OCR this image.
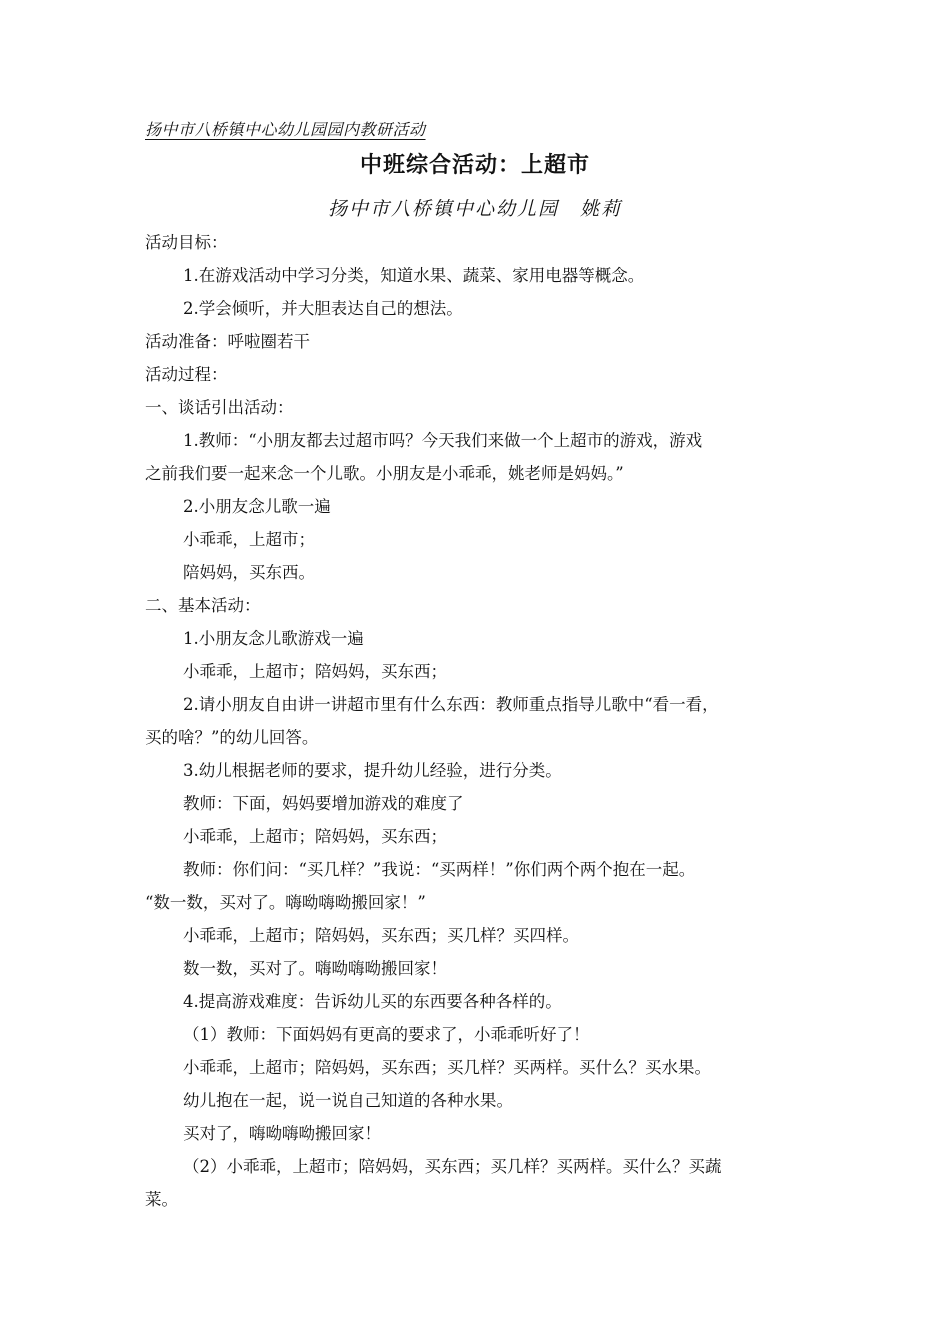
扬中市八桥镇中心幼儿园园内教研活动
中班综合活动：上超市
扬中市八桥镇中心幼儿园　姚莉

活动目标：

1.在游戏活动中学习分类，知道水果、蔬菜、家用电器等概念。

2.学会倾听，并大胆表达自己的想法。

活动准备：呼啦圈若干

活动过程：

一、谈话引出活动：

1.教师：“小朋友都去过超市吗？今天我们来做一个上超市的游戏，游戏

之前我们要一起来念一个儿歌。小朋友是小乖乖，姚老师是妈妈。”

2.小朋友念儿歌一遍

小乖乖，上超市；

陪妈妈，买东西。

二、基本活动：

1.小朋友念儿歌游戏一遍

小乖乖，上超市；陪妈妈，买东西；

2.请小朋友自由讲一讲超市里有什么东西：教师重点指导儿歌中“看一看，

买的啥？”的幼儿回答。

3.幼儿根据老师的要求，提升幼儿经验，进行分类。

教师：下面，妈妈要增加游戏的难度了

小乖乖，上超市；陪妈妈，买东西；

教师：你们问：“买几样？”我说：“买两样！”你们两个两个抱在一起。

“数一数，买对了。嗨呦嗨呦搬回家！”

小乖乖，上超市；陪妈妈，买东西；买几样？买四样。

数一数，买对了。嗨呦嗨呦搬回家！

4.提高游戏难度：告诉幼儿买的东西要各种各样的。

（1）教师：下面妈妈有更高的要求了，小乖乖听好了！

小乖乖，上超市；陪妈妈，买东西；买几样？买两样。买什么？买水果。

幼儿抱在一起，说一说自己知道的各种水果。

买对了，嗨呦嗨呦搬回家！

（2）小乖乖，上超市；陪妈妈，买东西；买几样？买两样。买什么？买蔬

菜。
